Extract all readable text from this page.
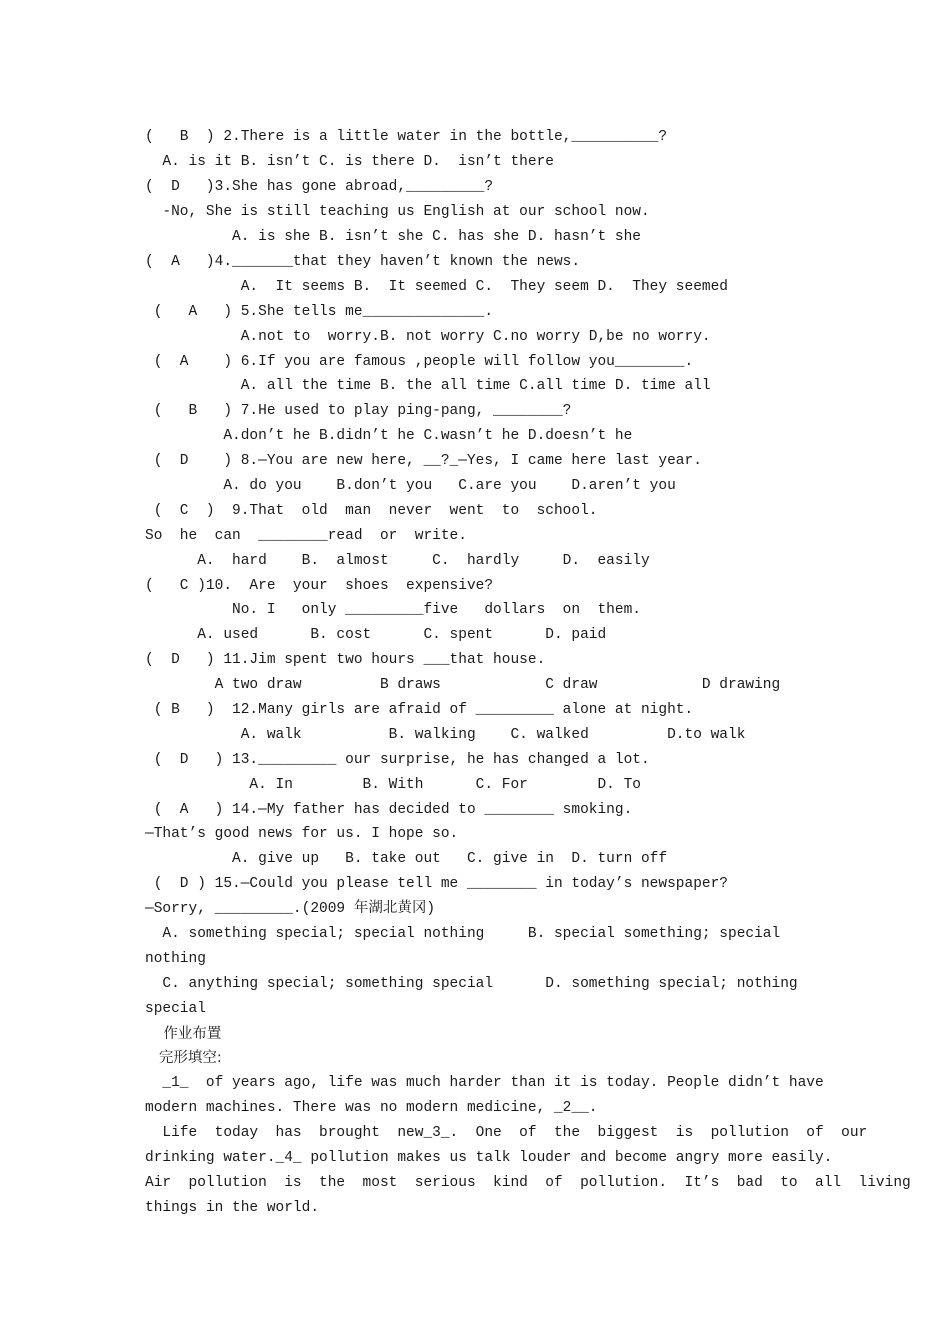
(   B  ) 2.There is a little water in the bottle,__________?
A. is it B. isn’t C. is there D.  isn’t there
(  D   )3.She has gone abroad,_________?
-No, She is still teaching us English at our school now.
A. is she B. isn’t she C. has she D. hasn’t she
(  A   )4._______that they haven’t known the news.
A.  It seems B.  It seemed C.  They seem D.  They seemed
(   A   ) 5.She tells me______________.
A.not to  worry.B. not worry C.no worry D,be no worry.
(  A    ) 6.If you are famous ,people will follow you________.
A. all the time B. the all time C.all time D. time all
(   B   ) 7.He used to play ping-pang, ________?
A.don’t he B.didn’t he C.wasn’t he D.doesn’t he
(  D    ) 8.—You are new here, __?_—Yes, I came here last year.
A. do you    B.don’t you   C.are you    D.aren’t you
(  C  )  9.That  old  man  never  went  to  school.
So  he  can  ________read  or  write.
A.  hard    B.  almost     C.  hardly     D.  easily
(   C )10.  Are  your  shoes  expensive?
No. I   only _________five   dollars  on  them.
A. used      B. cost      C. spent      D. paid
(  D   ) 11.Jim spent two hours ___that house.
A two draw         B draws            C draw            D drawing
( B   )  12.Many girls are afraid of _________ alone at night.
A. walk          B. walking    C. walked         D.to walk
(  D   ) 13._________ our surprise, he has changed a lot.
A. In        B. With      C. For        D. To
(  A   ) 14.—My father has decided to ________ smoking.
—That’s good news for us. I hope so.
A. give up   B. take out   C. give in  D. turn off
(  D ) 15.—Could you please tell me ________ in today’s newspaper?
—Sorry, _________.(2009 年湖北黄冈)
A. something special; special nothing     B. special something; special
nothing
C. anything special; something special      D. something special; nothing
special
作业布置
完形填空:
_1_  of years ago, life was much harder than it is today. People didn’t have
modern machines. There was no modern medicine, _2__.
Life  today  has  brought  new_3_.  One  of  the  biggest  is  pollution  of  our
drinking water._4_ pollution makes us talk louder and become angry more easily.
Air  pollution  is  the  most  serious  kind  of  pollution.  It’s  bad  to  all  living
things in the world.
